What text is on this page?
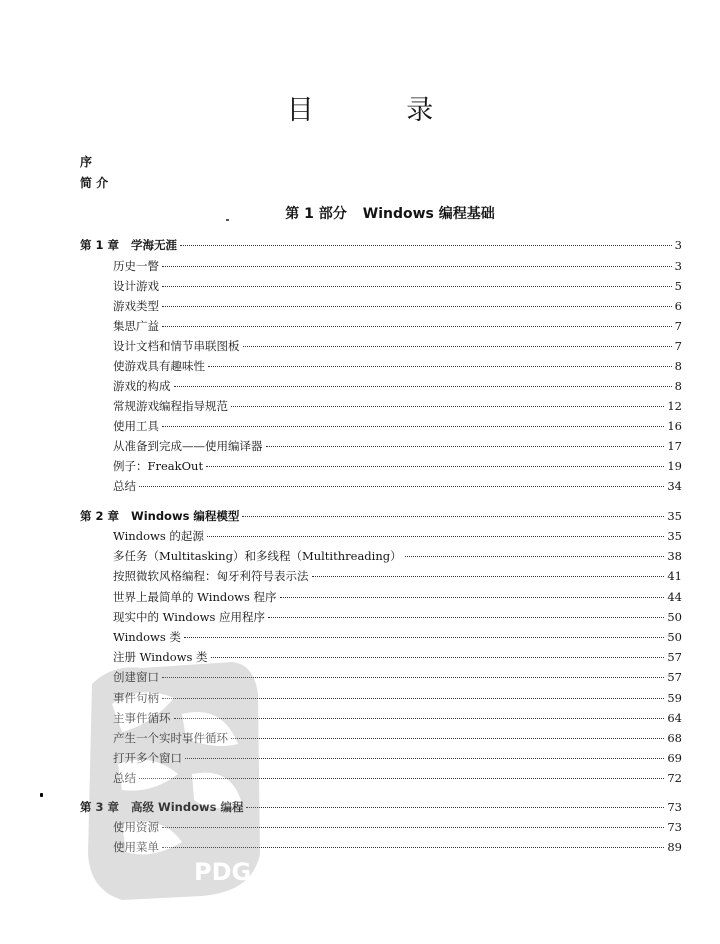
目 录
序
简 介
第 1 部分 Windows 编程基础
第 1 章 学海无涯	3
历史一瞥	3
设计游戏	5
游戏类型	6
集思广益	7
设计文档和情节串联图板	7
使游戏具有趣味性	8
游戏的构成	8
常规游戏编程指导规范	12
使用工具	16
从准备到完成——使用编译器	17
例子：FreakOut	19
总结	34
第 2 章 Windows 编程模型	35
Windows 的起源	35
多任务（Multitasking）和多线程（Multithreading）	38
按照微软风格编程：匈牙利符号表示法	41
世界上最简单的 Windows 程序	44
现实中的 Windows 应用程序	50
Windows 类	50
注册 Windows 类	57
创建窗口	57
事件句柄	59
主事件循环	64
产生一个实时事件循环	68
打开多个窗口	69
总结	72
第 3 章 高级 Windows 编程	73
使用资源	73
使用菜单	89
PDG
